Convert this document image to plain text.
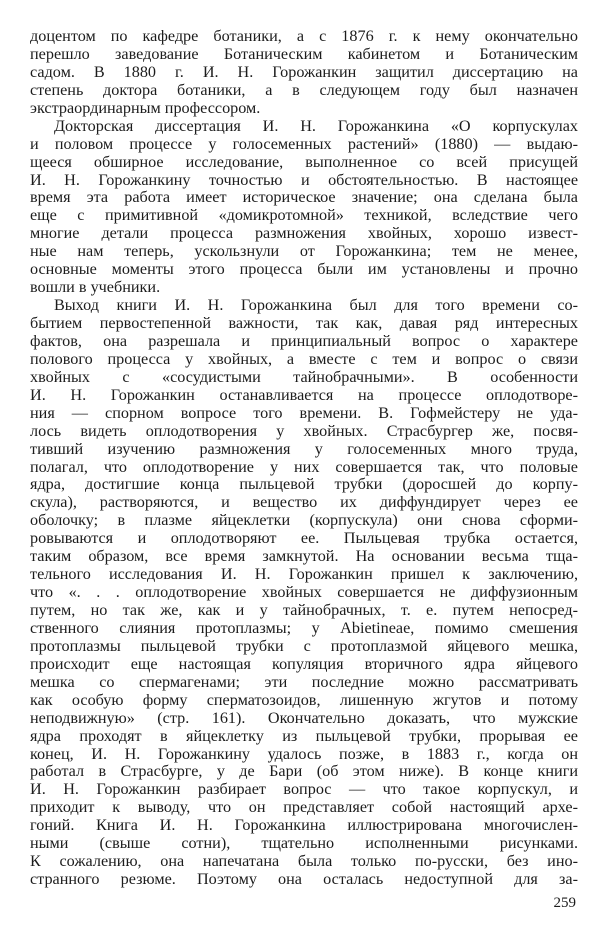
доцентом по кафедре ботаники, а с 1876 г. к нему окончательно
перешло заведование Ботаническим кабинетом и Ботаническим
садом. В 1880 г. И. Н. Горожанкин защитил диссертацию на
степень доктора ботаники, а в следующем году был назначен
экстраординарным профессором.
Докторская диссертация И. Н. Горожанкина «О корпускулах
и половом процессе у голосеменных растений» (1880) — выдаю-
щееся обширное исследование, выполненное со всей присущей
И. Н. Горожанкину точностью и обстоятельностью. В настоящее
время эта работа имеет историческое значение; она сделана была
еще с примитивной «домикротомной» техникой, вследствие чего
многие детали процесса размножения хвойных, хорошо извест-
ные нам теперь, ускользнули от Горожанкина; тем не менее,
основные моменты этого процесса были им установлены и прочно
вошли в учебники.
Выход книги И. Н. Горожанкина был для того времени со-
бытием первостепенной важности, так как, давая ряд интересных
фактов, она разрешала и принципиальный вопрос о характере
полового процесса у хвойных, а вместе с тем и вопрос о связи
хвойных с «сосудистыми тайнобрачными». В особенности
И. Н. Горожанкин останавливается на процессе оплодотворе-
ния — спорном вопросе того времени. В. Гофмейстеру не уда-
лось видеть оплодотворения у хвойных. Страсбургер же, посвя-
тивший изучению размножения у голосеменных много труда,
полагал, что оплодотворение у них совершается так, что половые
ядра, достигшие конца пыльцевой трубки (доросшей до корпу-
скула), растворяются, и вещество их диффундирует через ее
оболочку; в плазме яйцеклетки (корпускула) они снова сформи-
ровываются и оплодотворяют ее. Пыльцевая трубка остается,
таким образом, все время замкнутой. На основании весьма тща-
тельного исследования И. Н. Горожанкин пришел к заключению,
что «. . . оплодотворение хвойных совершается не диффузионным
путем, но так же, как и у тайнобрачных, т. е. путем непосред-
ственного слияния протоплазмы; у Abietineae, помимо смешения
протоплазмы пыльцевой трубки с протоплазмой яйцевого мешка,
происходит еще настоящая копуляция вторичного ядра яйцевого
мешка со спермагенами; эти последние можно рассматривать
как особую форму сперматозоидов, лишенную жгутов и потому
неподвижную» (стр. 161). Окончательно доказать, что мужские
ядра проходят в яйцеклетку из пыльцевой трубки, прорывая ее
конец, И. Н. Горожанкину удалось позже, в 1883 г., когда он
работал в Страсбурге, у де Бари (об этом ниже). В конце книги
И. Н. Горожанкин разбирает вопрос — что такое корпускул, и
приходит к выводу, что он представляет собой настоящий архе-
гоний. Книга И. Н. Горожанкина иллюстрирована многочислен-
ными (свыше сотни), тщательно исполненными рисунками.
К сожалению, она напечатана была только по-русски, без ино-
странного резюме. Поэтому она осталась недоступной для за-
259
